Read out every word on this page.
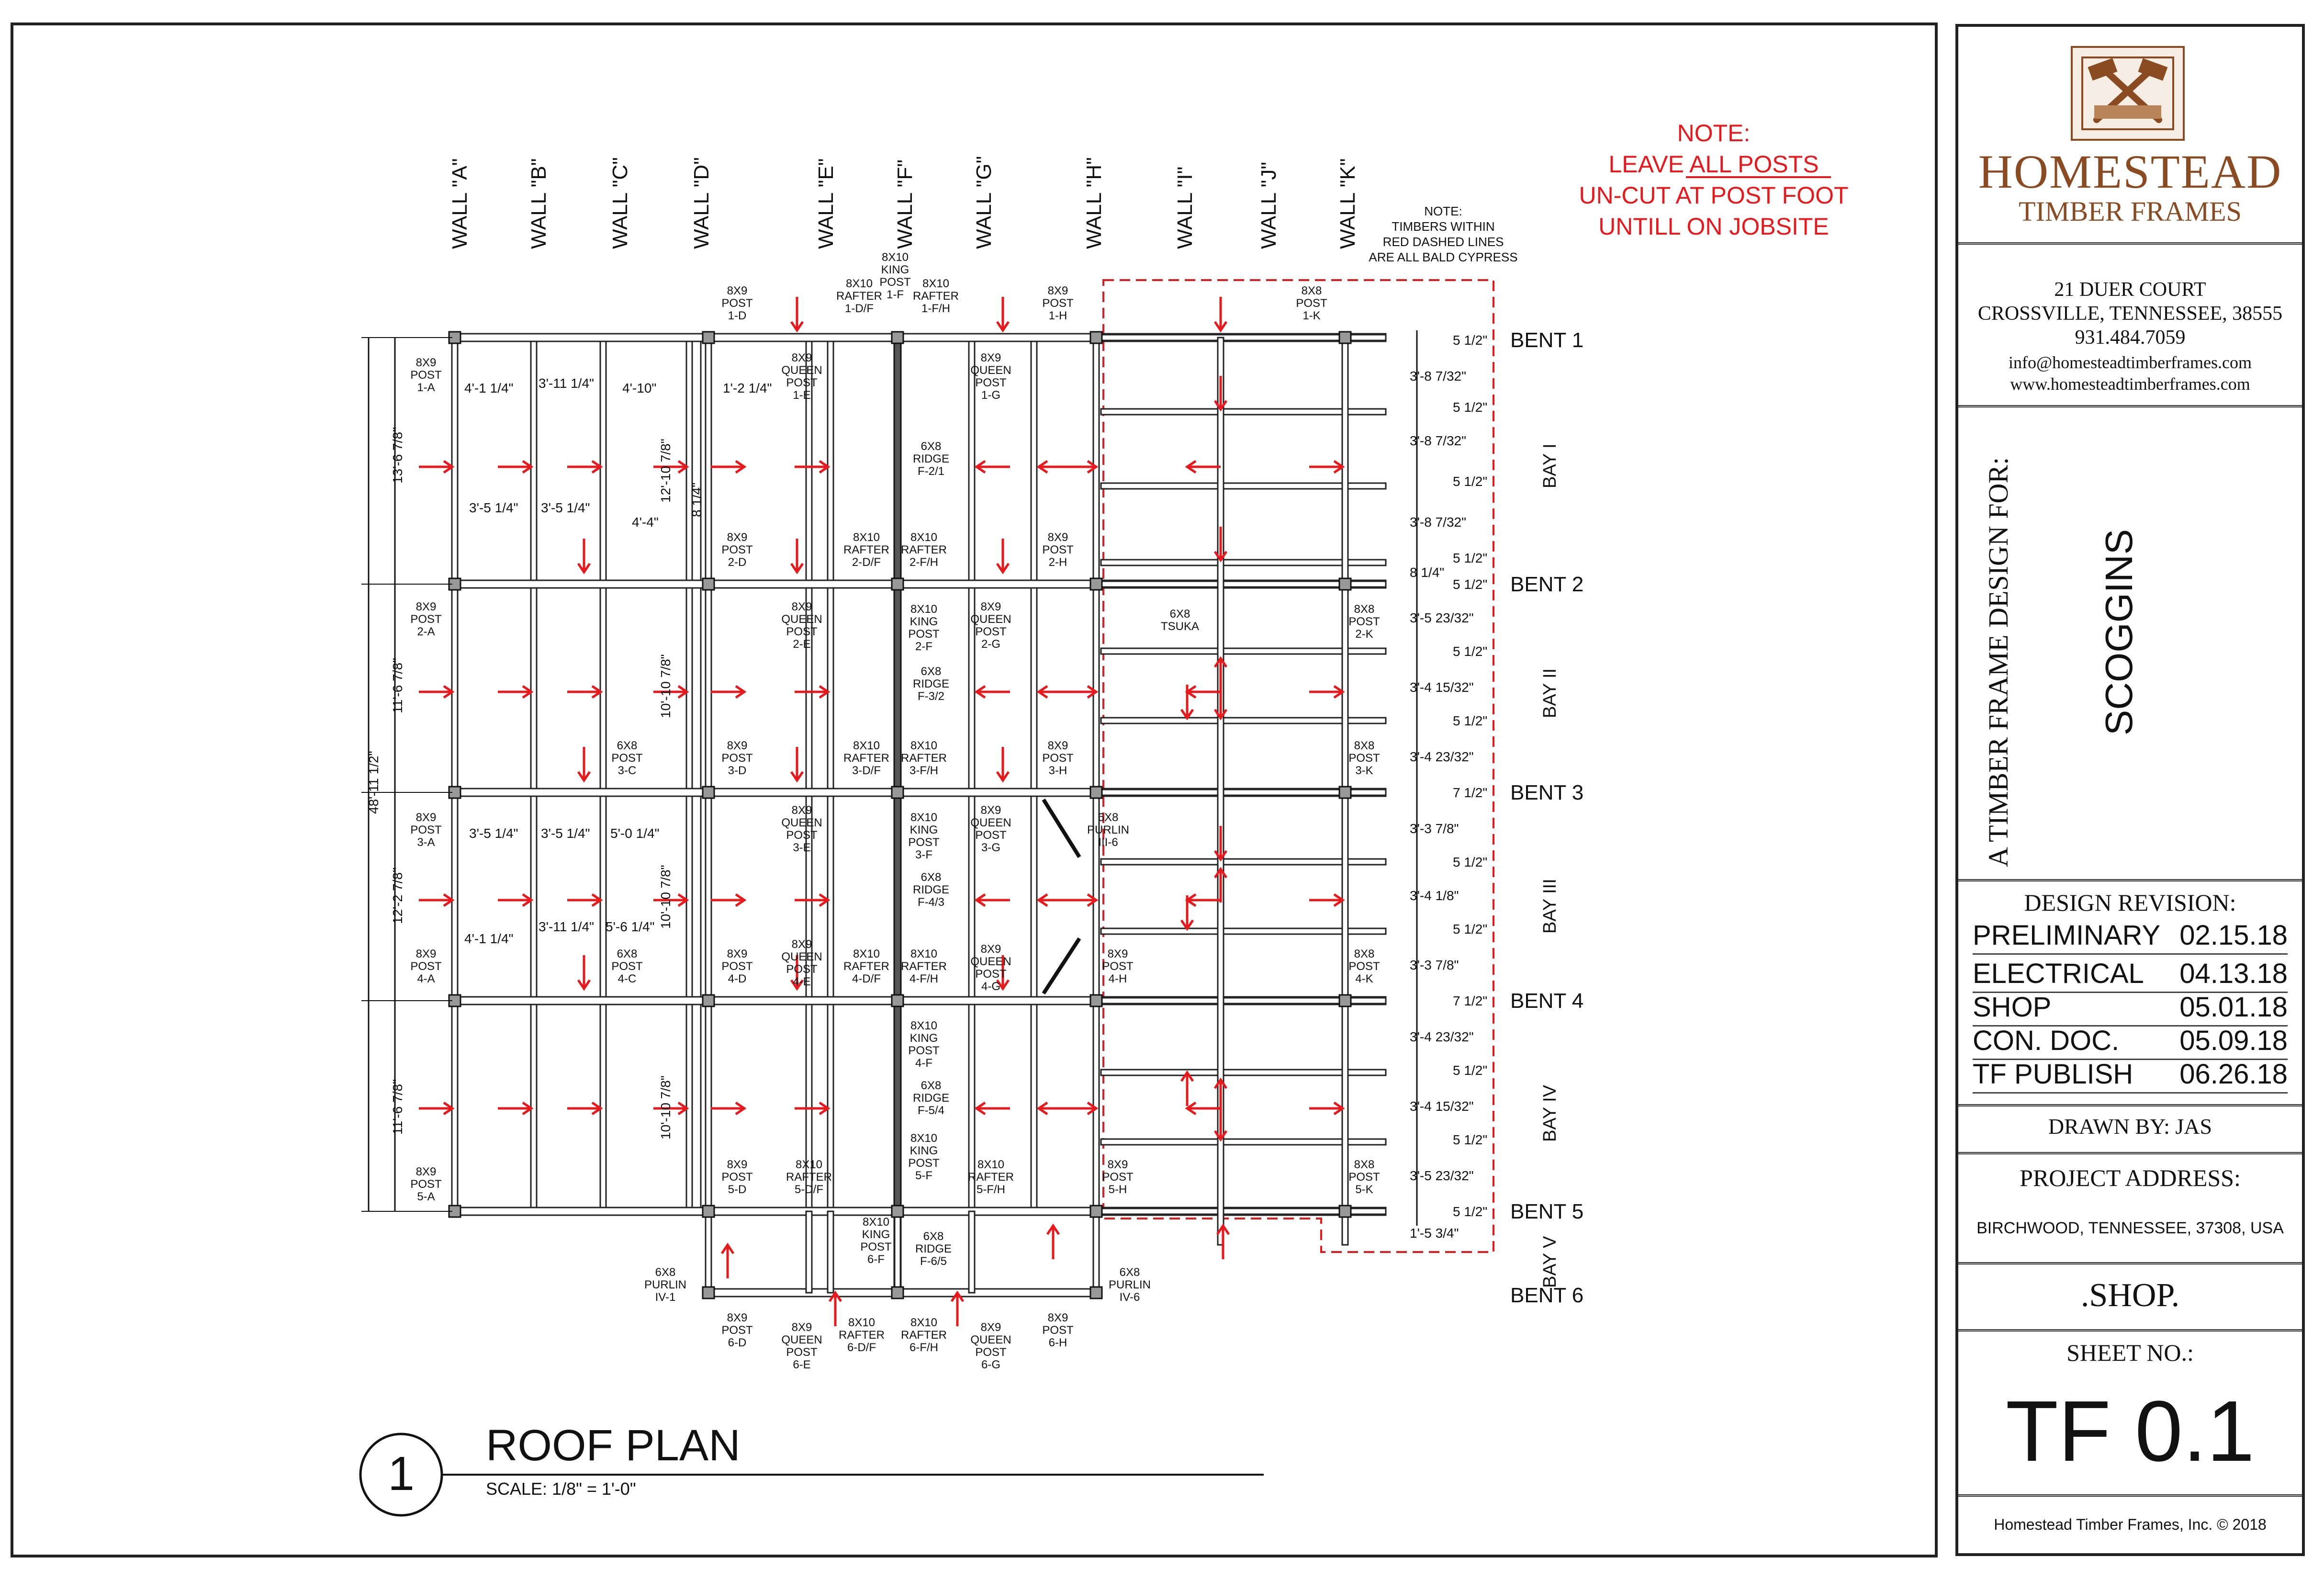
WALL "A"	WALL "B"	WALL "C"	WALL "D"	WALL "E"	WALL "F"	WALL "G"	WALL "H"	WALL "I"	WALL "J"	WALL "K"
BENT 1
BENT 2
BENT 3
BENT 4
BENT 5
BENT 6
BAY I
BAY II
BAY III
BAY IV
BAY V
NOTE:
LEAVE ALL POSTS
UN-CUT AT POST FOOT
UNTILL ON JOBSITE
NOTE:
TIMBERS WITHIN
RED DASHED LINES
ARE ALL BALD CYPRESS
48'-11 1/2"
13'-6 7/8"
11'-6 7/8"
12'-2 7/8"
11'-6 7/8"
12'-10 7/8"
10'-10 7/8"
10'-10 7/8"
10'-10 7/8"
4'-1 1/4" 3'-11 1/4" 4'-10"	1'-2 1/4"
3'-5 1/4" 3'-5 1/4"
4'-4"
3'-5 1/4" 3'-5 1/4" 5'-0 1/4"
4'-1 1/4"
3'-11 1/4" 5'-6 1/4"
8 1/4"
5 1/2"
3'-8 7/32"
5 1/2"
3'-8 7/32"
5 1/2"
3'-8 7/32"
5 1/2"
8 1/4"
5 1/2"
3'-5 23/32"
5 1/2"
3'-4 15/32"
5 1/2"
3'-4 23/32"
7 1/2"
3'-3 7/8"
5 1/2"
3'-4 1/8"
5 1/2"
3'-3 7/8"
7 1/2"
3'-4 23/32"
5 1/2"
3'-4 15/32"
5 1/2"
3'-5 23/32"
5 1/2"
1'-5 3/4"
8X9 POST 1-A
8X9 POST 2-A
8X9 POST 3-A
8X9 POST 4-A
8X9 POST 5-A
8X9 POST 1-D
8X9 POST 2-D
8X9 POST 3-D
8X9 POST 4-D
8X9 POST 5-D
8X9 POST 6-D
8X9 QUEEN POST 1-E
8X9 QUEEN POST 2-E
8X9 QUEEN POST 3-E
8X9 QUEEN POST 4-E
8X9 QUEEN POST 6-E
8X10 RAFTER 1-D/F
8X10 KING POST 1-F
8X10 RAFTER 1-F/H
8X9 QUEEN POST 1-G
8X9 POST 1-H
8X8 POST 1-K
6X8 RIDGE F-2/1
8X10 RAFTER 2-D/F
8X10 RAFTER 2-F/H
8X9 POST 2-H
8X10 KING POST 2-F
8X9 QUEEN POST 2-G
6X8 TSUKA
8X8 POST 2-K
6X8 RIDGE F-3/2
6X8 POST 3-C
8X10 RAFTER 3-D/F
8X10 RAFTER 3-F/H
8X9 POST 3-H
8X8 POST 3-K
8X10 KING POST 3-F
8X9 QUEEN POST 3-G
6X8 PURLIN III-6
6X8 RIDGE F-4/3
6X8 POST 4-C
8X10 RAFTER 4-D/F
8X10 RAFTER 4-F/H
8X9 QUEEN POST 4-G
8X9 POST 4-H
8X8 POST 4-K
8X10 KING POST 4-F
6X8 RIDGE F-5/4
8X10 KING POST 5-F
8X10 RAFTER 5-D/F
8X10 RAFTER 5-F/H
8X9 POST 5-H
8X8 POST 5-K
8X10 KING POST 6-F
6X8 RIDGE F-6/5
6X8 PURLIN IV-1
6X8 PURLIN IV-6
8X10 RAFTER 6-D/F
8X10 RAFTER 6-F/H
8X9 QUEEN POST 6-G
8X9 POST 6-H
1
ROOF PLAN
SCALE: 1/8" = 1'-0"
HOMESTEAD
TIMBER FRAMES
21 DUER COURT
CROSSVILLE, TENNESSEE, 38555
931.484.7059
info@homesteadtimberframes.com
www.homesteadtimberframes.com
A TIMBER FRAME DESIGN FOR: SCOGGINS
DESIGN REVISION:
PRELIMINARY 02.15.18
ELECTRICAL 04.13.18
SHOP	05.01.18
CON. DOC. 05.09.18
TF PUBLISH 06.26.18
DRAWN BY: JAS
PROJECT ADDRESS:
BIRCHWOOD, TENNESSEE, 37308, USA
.SHOP.
SHEET NO.:
TF 0.1
Homestead Timber Frames, Inc. © 2018
